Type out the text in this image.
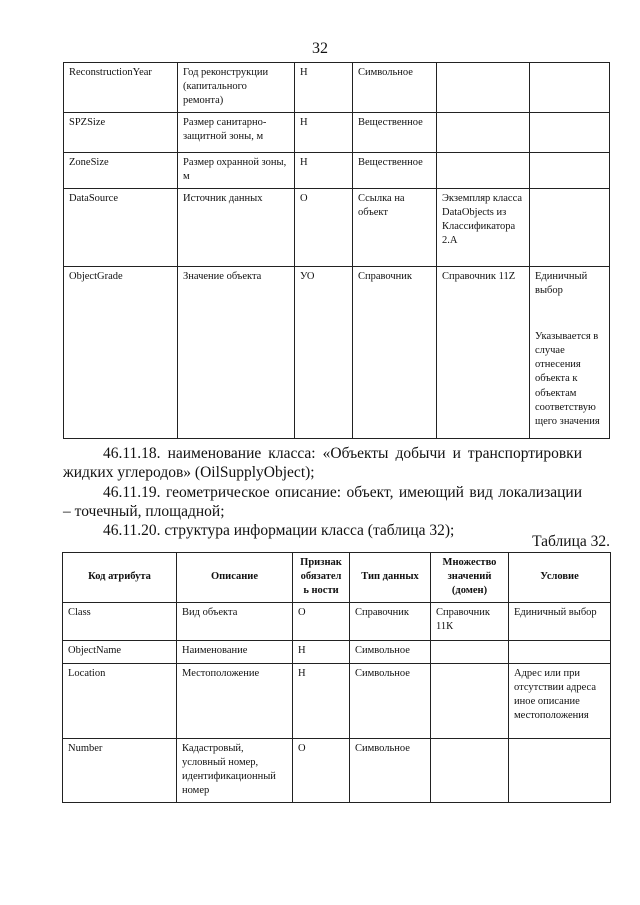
32
ReconstructionYear	Год реконструкции (капитального ремонта)	Н	Символьное		
SPZSize	Размер санитарно-защитной зоны, м	Н	Вещественное		
ZoneSize	Размер охранной зоны, м	Н	Вещественное		
DataSource	Источник данных	О	Ссылка на объект	Экземпляр класса DataObjects из Классификатора 2.А	
ObjectGrade	Значение объекта	УО	Справочник	Справочник 11Z	Единичный выбор
Указывается в случае отнесения объекта к объектам соответствую щего значения
46.11.18. наименование класса: «Объекты добычи и транспортировки жидких углеродов» (OilSupplyObject);
46.11.19. геометрическое описание: объект, имеющий вид локализации – точечный, площадной;
46.11.20. структура информации класса (таблица 32);
Таблица 32.
Код атрибута	Описание	Признак обязатель ности	Тип данных	Множество значений (домен)	Условие
Class	Вид объекта	О	Справочник	Справочник 11К	Единичный выбор
ObjectName	Наименование	Н	Символьное		
Location	Местоположение	Н	Символьное		Адрес или при отсутствии адреса иное описание местоположения
Number	Кадастровый, условный номер, идентификационный номер	О	Символьное		
